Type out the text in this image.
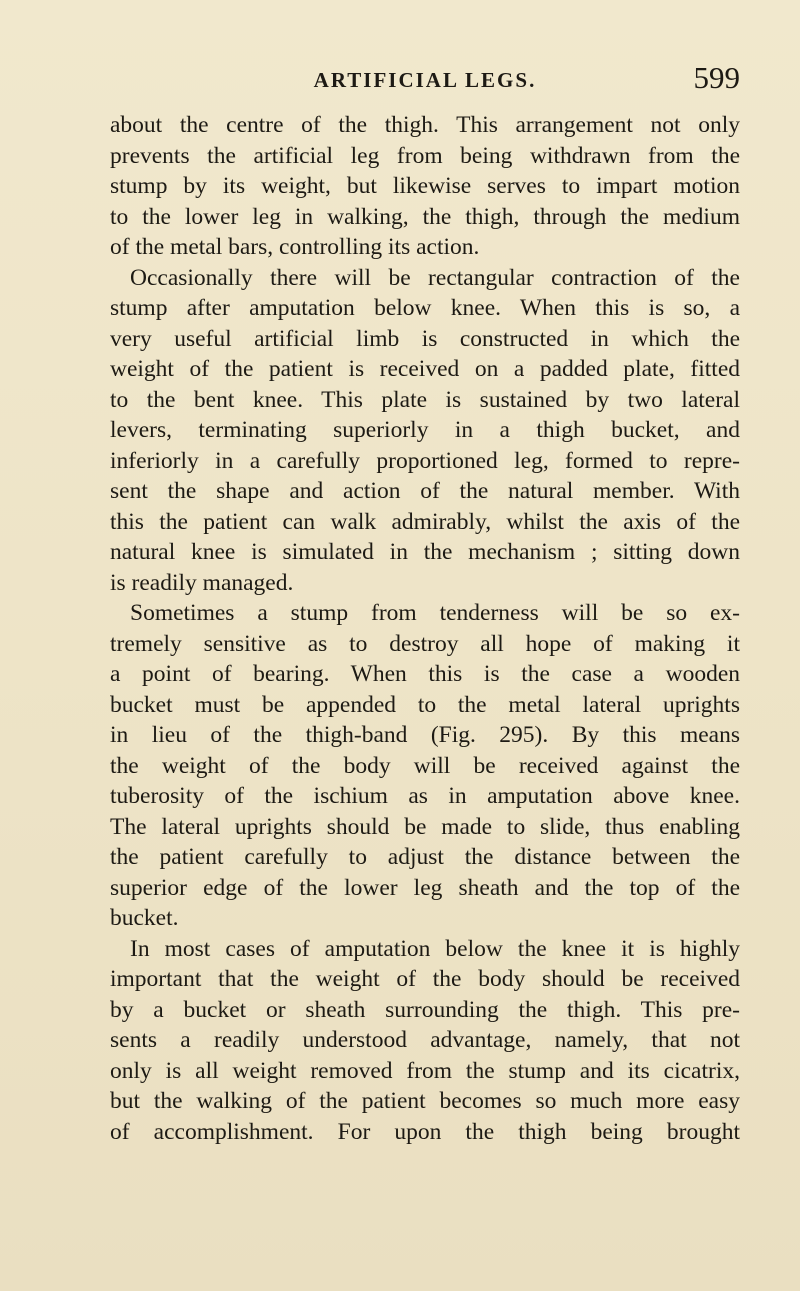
ARTIFICIAL LEGS.	599
about the centre of the thigh. This arrangement not only
prevents the artificial leg from being withdrawn from the
stump by its weight, but likewise serves to impart motion
to the lower leg in walking, the thigh, through the medium
of the metal bars, controlling its action.
Occasionally there will be rectangular contraction of the
stump after amputation below knee. When this is so, a
very useful artificial limb is constructed in which the
weight of the patient is received on a padded plate, fitted
to the bent knee. This plate is sustained by two lateral
levers, terminating superiorly in a thigh bucket, and
inferiorly in a carefully proportioned leg, formed to repre-
sent the shape and action of the natural member. With
this the patient can walk admirably, whilst the axis of the
natural knee is simulated in the mechanism ; sitting down
is readily managed.
Sometimes a stump from tenderness will be so ex-
tremely sensitive as to destroy all hope of making it
a point of bearing. When this is the case a wooden
bucket must be appended to the metal lateral uprights
in lieu of the thigh-band (Fig. 295). By this means
the weight of the body will be received against the
tuberosity of the ischium as in amputation above knee.
The lateral uprights should be made to slide, thus enabling
the patient carefully to adjust the distance between the
superior edge of the lower leg sheath and the top of the
bucket.
In most cases of amputation below the knee it is highly
important that the weight of the body should be received
by a bucket or sheath surrounding the thigh. This pre-
sents a readily understood advantage, namely, that not
only is all weight removed from the stump and its cicatrix,
but the walking of the patient becomes so much more easy
of accomplishment. For upon the thigh being brought
